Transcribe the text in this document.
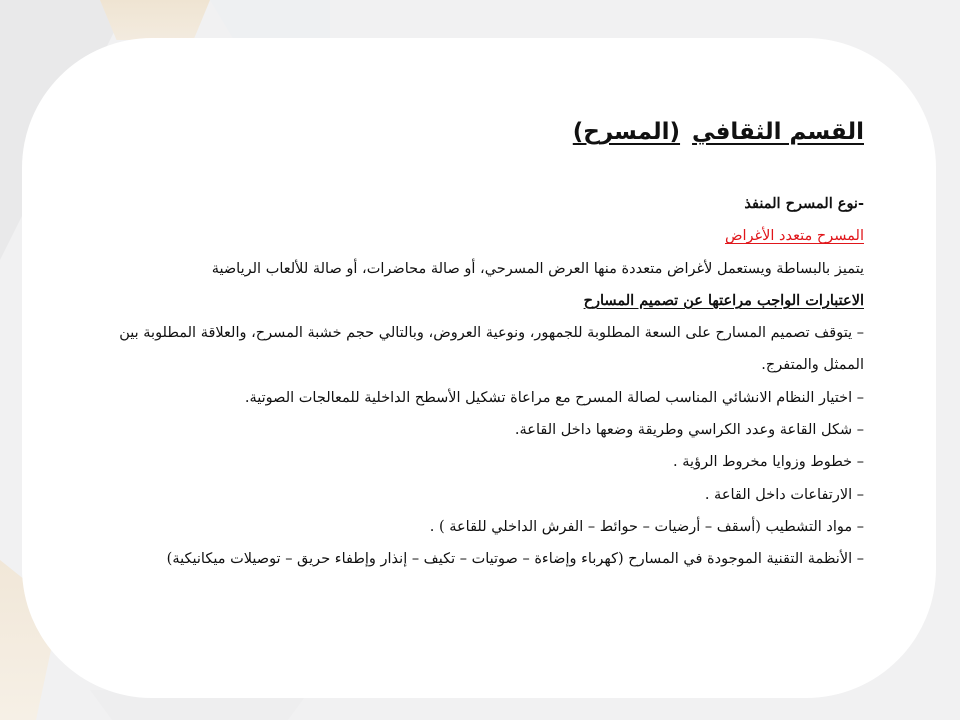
القسم الثقافي(المسرح)

-نوع المسرح المنفذ

المسرح متعدد الأغراض

يتميز بالبساطة ويستعمل لأغراض متعددة منها العرض المسرحي، أو صالة محاضرات، أو صالة للألعاب الرياضية

الاعتبارات الواجب مراعتها عن تصميم المسارح

– يتوقف تصميم المسارح على السعة المطلوبة للجمهور، ونوعية العروض، وبالتالي حجم خشبة المسرح، والعلاقة المطلوبة بين الممثل والمتفرج.

– اختيار النظام الانشائي المناسب لصالة المسرح مع مراعاة تشكيل الأسطح الداخلية للمعالجات الصوتية.

– شكل القاعة وعدد الكراسي وطريقة وضعها داخل القاعة.

– خطوط وزوايا مخروط الرؤية .

– الارتفاعات داخل القاعة .

– مواد التشطيب (أسقف – أرضيات – حوائط – الفرش الداخلي للقاعة ) .

– الأنظمة التقنية الموجودة في المسارح (كهرباء وإضاءة – صوتيات – تكيف – إنذار وإطفاء حريق – توصيلات ميكانيكية)
